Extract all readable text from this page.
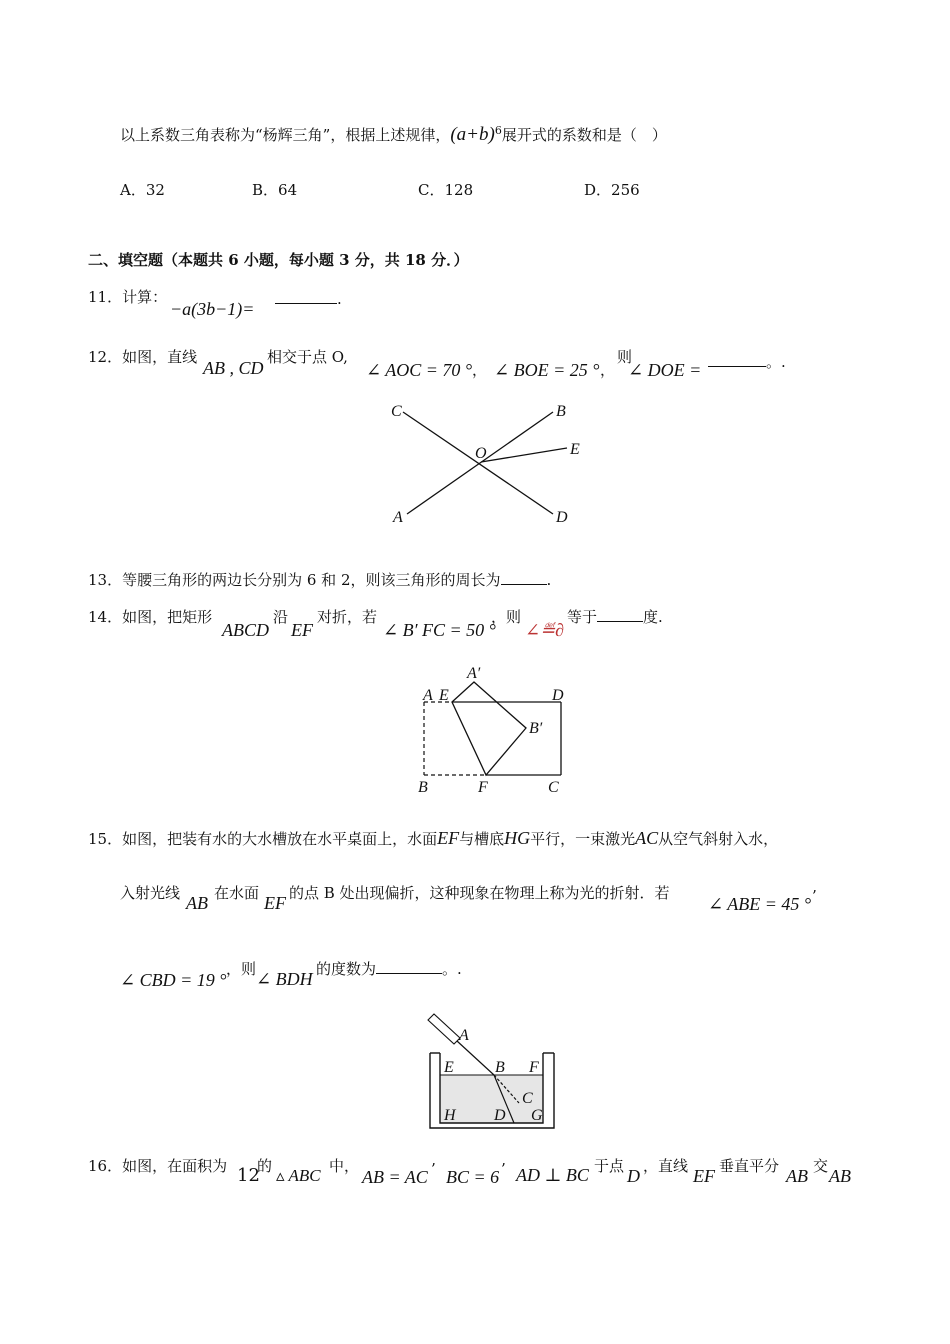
以上系数三角表称为“杨辉三角”，根据上述规律，$(a+b)^6$展开式的系数和是（　）
A．32	B．64	C．128	D．256
二、填空题（本题共 6 小题，每小题 3 分，共 18 分．）
11．计算：
−a(3b−1)=	.
12．如图，直线
AB , CD
相交于点 O,
∠ AOC = 70 ° ， ∠ BOE = 25 ° ，
则
∠ DOE =	。.
C	B
O	E
A	D
13．等腰三角形的两边长分别为 6 和 2，则该三角形的周长为	.
14．如图，把矩形
ABCD
沿
EF
对折，若
∠ B′ FC = 50 °
，则
∠≝∂
等于	度.
A′
A E	D
B′
B	F	C
15．如图，把装有水的大水槽放在水平桌面上，水面EF与槽底HG平行，一束激光AC从空气斜射入水，
入射光线 AB 在水面 EF 的点 B 处出现偏折，这种现象在物理上称为光的折射．若
∠ ABE = 45 ° ’
∠ CBD = 19 °
，则 ∠ BDH 的度数为	。.
A
E	B F
C
H D G
16．如图，在面积为 12
的 ▵ ABC 中，
AB = AC ’ BC = 6 ’ AD ⊥ BC 于点 D ，直线 EF 垂直平分 AB 交 AB
